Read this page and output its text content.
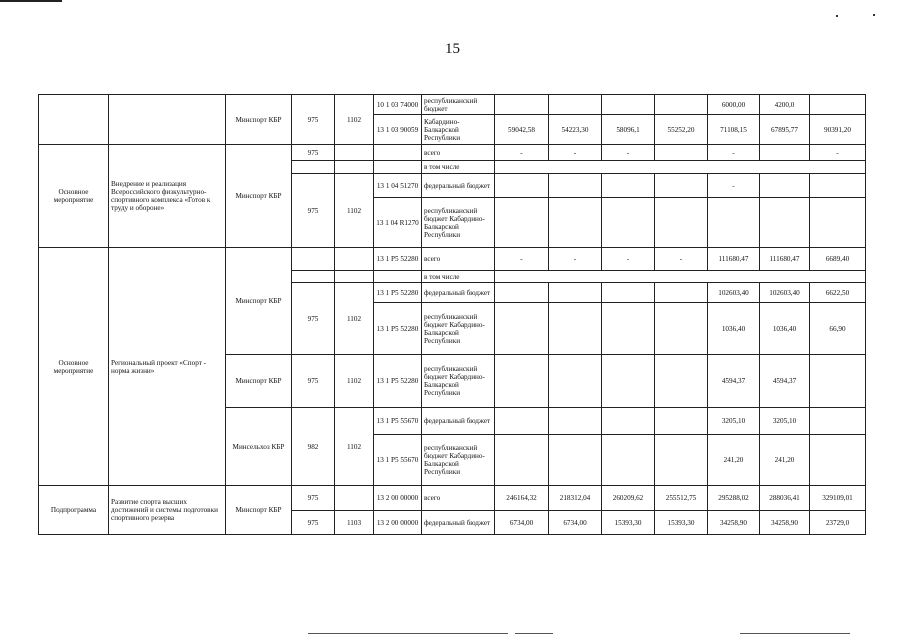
15
		Минспорт КБР	975	1102	10 1 03 74000	республиканский бюджет					6000,00	4200,0	
					13 1 03 90059	Кабардино-Балкарской Республики	59042,58	54223,30	58096,1	55252,20	71108,15	67895,77	90391,20
Основное мероприятие	Внедрение и реализация Всероссийского физкультурно-спортивного комплекса «Готов к труду и обороне»	Минспорт КБР	975			всего	-	-	-		-		-
						в том числе							
			975	1102	13 1 04 51270	федеральный бюджет					-		
					13 1 04 R1270	республиканский бюджет Кабардино-Балкарской Республики							
Основное мероприятие	Региональный проект «Спорт - норма жизни»	Минспорт КБР			13 1 P5 52280	всего	-	-	-	-	111680,47	111680,47	6689,40
						в том числе							
			975	1102	13 1 P5 52280	федеральный бюджет					102603,40	102603,40	6622,50
					13 1 P5 52280	республиканский бюджет Кабардино-Балкарской Республики					1036,40	1036,40	66,90
		Минспорт КБР	975	1102	13 1 P5 52280	республиканский бюджет Кабардино-Балкарской Республики					4594,37	4594,37	
		Минсельхоз КБР	982	1102	13 1 P5 55670	федеральный бюджет					3205,10	3205,10	
					13 1 P5 55670	республиканский бюджет Кабардино-Балкарской Республики					241,20	241,20	
Подпрограмма	Развитие спорта высших достижений и системы подготовки спортивного резерва	Минспорт КБР	975		13 2 00 00000	всего	246164,32	218312,04	260209,62	255512,75	295288,02	288036,41	329109,01
			975	1103	13 2 00 00000	федеральный бюджет	6734,00	6734,00	15393,30	15393,30	34258,90	34258,90	23729,0
